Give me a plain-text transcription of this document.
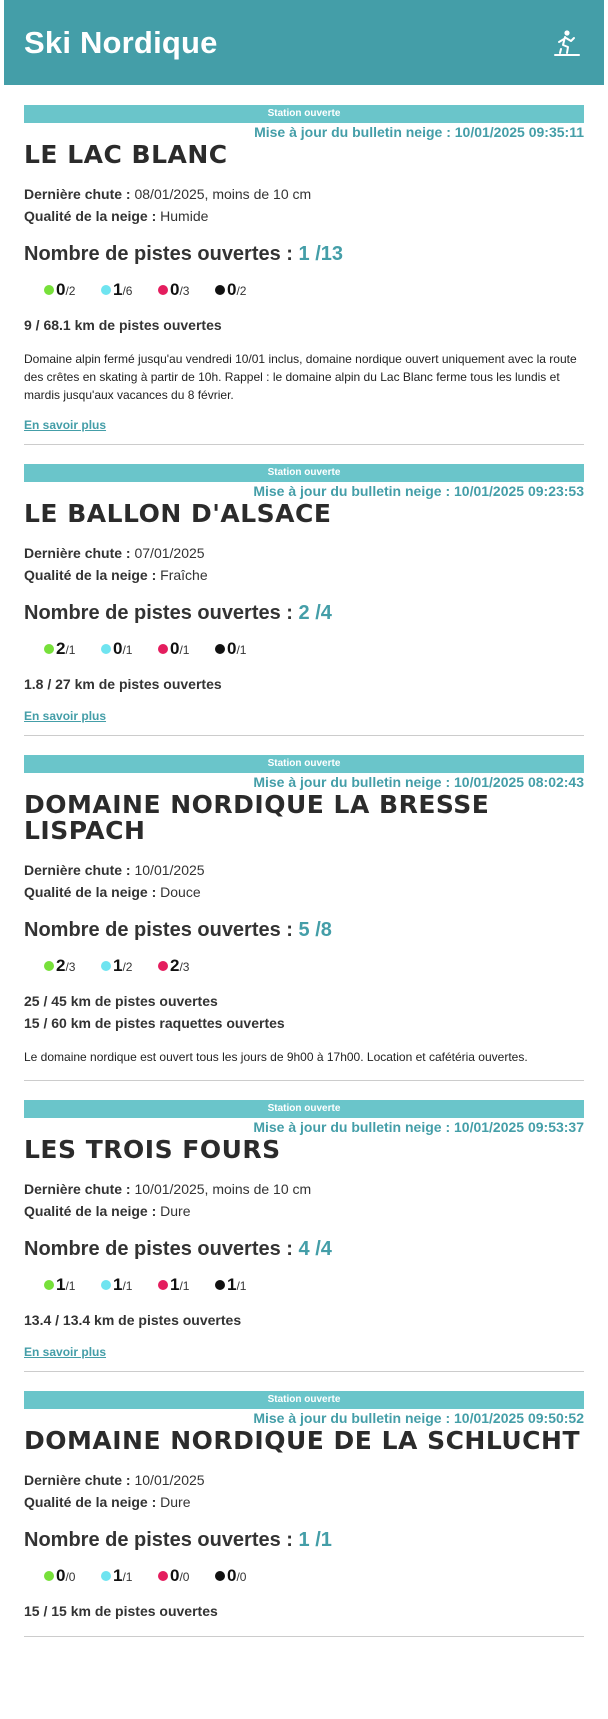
Ski Nordique
Station ouverte
Mise à jour du bulletin neige : 10/01/2025 09:35:11
LE LAC BLANC
Dernière chute : 08/01/2025, moins de 10 cm
Qualité de la neige : Humide
Nombre de pistes ouvertes : 1 /13
0 /2 1 /6 0 /3 0 /2
9 / 68.1 km de pistes ouvertes
Domaine alpin fermé jusqu'au vendredi 10/01 inclus, domaine nordique ouvert uniquement avec la route des crêtes en skating à partir de 10h. Rappel : le domaine alpin du Lac Blanc ferme tous les lundis et mardis jusqu'aux vacances du 8 février.
En savoir plus
Station ouverte
Mise à jour du bulletin neige : 10/01/2025 09:23:53
LE BALLON D'ALSACE
Dernière chute : 07/01/2025
Qualité de la neige : Fraîche
Nombre de pistes ouvertes : 2 /4
2 /1 0 /1 0 /1 0 /1
1.8 / 27 km de pistes ouvertes
En savoir plus
Station ouverte
Mise à jour du bulletin neige : 10/01/2025 08:02:43
DOMAINE NORDIQUE LA BRESSE LISPACH
Dernière chute : 10/01/2025
Qualité de la neige : Douce
Nombre de pistes ouvertes : 5 /8
2 /3 1 /2 2 /3
25 / 45 km de pistes ouvertes
15 / 60 km de pistes raquettes ouvertes
Le domaine nordique est ouvert tous les jours de 9h00 à 17h00. Location et cafétéria ouvertes.
Station ouverte
Mise à jour du bulletin neige : 10/01/2025 09:53:37
LES TROIS FOURS
Dernière chute : 10/01/2025, moins de 10 cm
Qualité de la neige : Dure
Nombre de pistes ouvertes : 4 /4
1 /1 1 /1 1 /1 1 /1
13.4 / 13.4 km de pistes ouvertes
En savoir plus
Station ouverte
Mise à jour du bulletin neige : 10/01/2025 09:50:52
DOMAINE NORDIQUE DE LA SCHLUCHT
Dernière chute : 10/01/2025
Qualité de la neige : Dure
Nombre de pistes ouvertes : 1 /1
0 /0 1 /1 0 /0 0 /0
15 / 15 km de pistes ouvertes
